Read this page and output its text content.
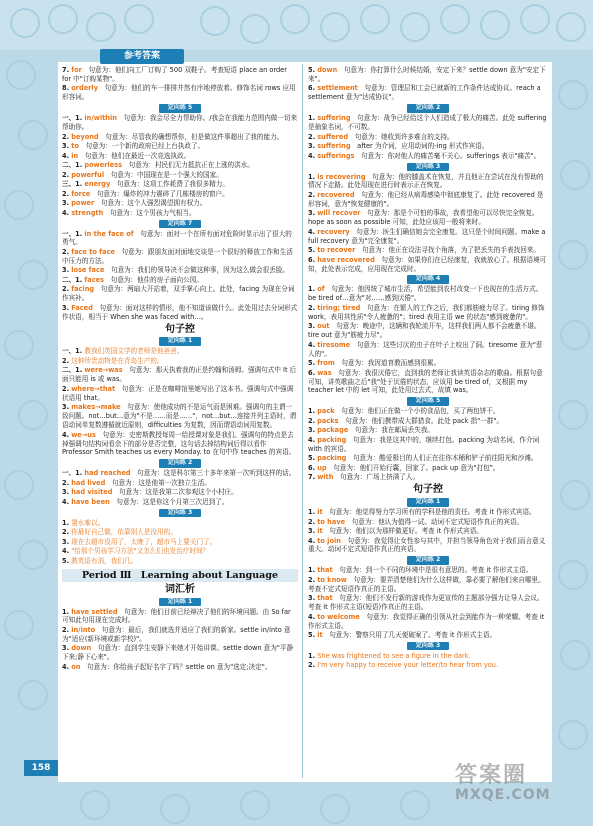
参考答案
7. for　 句意为：他们向工厂订购了 500 双鞋子。考查短语 place an order for 中"订购某物"。
8. orderly　 句意为：他们的车一排排井然有序地停放着。修饰名词 rows 应用形容词。
定向练 5
一、1. in/within　 句意为：我会尽全力帮助你。/我会在我能力范围内做一切来帮助你。
2. beyond　 句意为：尽管我的确想帮你，但是做这件事超出了我的能力。
3. to　 句意为：一个新的政府已经上台执政了。
4. in　 句意为：他们在最近一次竞选执政。
二、1. powerless　 句意为：村民们无力抵抗正在上涨的洪水。
2. powerful　 句意为：中国现在是一个强大的国家。
三、1. energy　 句意为：这项工作耗费了我很多精力。
2. force　 句意为：爆炸的冲力震碎了几栋楼房的窗户。
3. power　 句意为：这个人强烈渴望拥有权力。
4. strength　 句意为：这个男孩力气相当。
定向练 7
一、1. in the face of　 句意为：面对一个在所有面对危险时显示出了很大的勇气。
2. face to face　 句意为：跟朋友面对面地交谈是一个很好的释放工作和生活中压力的方法。
3. lose face　 句意为：我们的领导决不会做这种事，因为这么做会很丢脸。
二、1. faces　 句意为：他住的房子面向公园。
2. facing　 句意为：两扇大开站着，双手掌心向上。此处，facing 为现在分词作宾补。
3. Faced　 句意为：面对这样的情形，他不知道该做什么。此处用过去分词形式作状语，相当于 When she was faced with…。
句子控
定向练 1
一、1. 教我们英国文学的老师是他爸爸。
2. 这种珍贵动物是在青岛生产的。
二、1. were→was　 句意为：那天执着我的正是约翰和汤姆。强调句式中 It 后面只能用 is 或 was。
2. where→that　 句意为：正是在咖啡馆里她写出了这本书。强调句式中强调状语用 that。
3. makes→make　 句意为：使他成功的不是运气而是困难。强调句的主谓一致问题。not…but…意为"不是……而是……"，not…but…连接并列主语时，谓语动词单复数遵循就近原则，difficulties 为复数，因而谓语动词用复数。
4. we→us　 句意为：史密斯教授每周一给授课对象是我们。强调句的特点是去掉强调句结构词看余下的部分是否完整，这句话去掉结构词后得以看作 Professor Smith teaches us every Monday. to 在句中作 teaches 的宾语。
定向练 2
一、1. had reached　 句意为：这是科尔第三十多年来第一次听到这样的话。
2. had lived　 句意为：这是他第一次独立生活。
3. had visited　 句意为：这是我第二次参观这个小村庄。
4. have been　 句意为：这是你这个月第三次迟到了。
定向练 3
1. 置水难以。
2. 你最好自己做，依靠别人是没用的。
3. 现在去超市没用了，太晚了，超市马上要关门了。
4. "给那个男孩学习方法"又怎么们也发治疗时间？
5. 教英语有消，我们几。
Period Ⅲ　Learning about Language
词汇析
定向练 1
1. have settled　 句意为：他们目前已经辩决了他们的环境问题。由 So far 可知此句用现在完成时。
2. in/into　 句意为：最后，我们就选并适应了我们的新家。settle in/into 意为"适应(新环境或新学校)"。
3. down　 句意为：直到学生安静下来她才开始讲课。settle down 意为"平静下来;静下心来"。
4. on　 句意为：你给孩子起好名字了吗？settle on 意为"选定;决定"。
5. down　 句意为：你打算什么时候结婚，安定下来？settle down 意为"安定下来"。
6. settlement　 句意为：管理层和工会已就新的工作条件达成协议。reach a settlement 意为"达成协议"。
定向练 2
1. suffering　 句意为：战争已经给这个人们造成了极大的痛苦。此处 suffering 是抽象名词，不可数。
2. suffered　 句意为：她收到许多难言的支持。
3. suffering　 after 为介词，应用动词的-ing 形式作宾语。
4. sufferings　 句意为：你对他人的痛苦毫不关心。sufferings 表示"痛苦"。
定向练 3
1. is recovering　 句意为：他的膝盖术在恢复，并且他正在尝试在没有帮助的情况下走路。此处用现在进行时表示正在恢复。
2. recovered　 句意为：他已经从病毒感染中彻底康复了。此处 recovered 是形容词，意为"恢复健康的"。
3. will recover　 句意为：那是个可怕的事故，我希望他可以尽快完全恢复。hope as soon as possible 可知，此处应该用一般将来时。
4. recovery　 句意为：医生们确信她会完全康复。这只是个时间问题。make a full recovery 意为"完全康复"。
5. to recover　 句意为：他正在设法寻找个角落，为了把丢失的手表找回来。
6. have recovered　 句意为：如果你们在已经康复，我就放心了。根据语境可知，此处表示完成，应用现在完成时。
定向练 4
1. of　 句意为：他因统了城市生活，希望能到农村改变一下也现在的生活方式。be tired of…意为"对……感到厌倦"。
2. tiring; tired　 句意为：在繁人的工作之后，我们都筋疲力尽了。tiring 修饰 work，表用其性质"令人疲惫的"；tired 表用主语 we 的状态"感到疲惫的"。
3. out　 句意为：晚途中，这辆和我轮流开车，这样我们两人都不会疲惫不堪。tire out 意为"筋疲力尽"。
4. tiresome　 句意为：这些讨厌的虫子在叶子上咬出了洞。tiresome 意为"惹人的"。
5. from　 句意为：我因道育教而感到很累。
6. was　 句意为：我很厌倦它，直到我的老师让我读英语杂志的歌曲。根据句意可知，讲英歌曲之后"我"处于厌倦的状态，应该用 be tired of，又根据 my teacher let 中的 let 可知，此处用过去式，故填 was。
定向练 5
1. pack　 句意为：他们正在做一个小的食品包，买了两包饼干。
2. packs　 句意为：他们携带成大群猎食。此处 pack 指"一群"。
3. package　 句意为：我在邮局丢失我。
4. packing　 句意为：我是这其中的，继续打包。packing 为动名词，作介词 with 的宾语。
5. packing　 句意为：酷爱极目的人们正在往你木桶和铲子前往阳光和沙滩。
6. up　 句意为：他们开始行囊，回家了。pack up 意为"打包"。
7. with　 句意为：广场上挤满了人。
句子控
定向练 1
1. it　 句意为：他觉得努力学习所有的学科是他的责任。考查 it 作形式宾语。
2. to have　 句意为：他认为值得一试。动词不定式短语作真正的宾语。
3. it　 句意为：他们以为那样做更好。考查 it 作形式宾语。
4. to join　 句意为：我觉得让女性参与其中，并担当领导角色对于我们而言意义重大。动词不定式短语作真正的宾语。
定向练 2
1. that　 句意为：到一个不同的环境中是很有意思的。考查 it 作形式主语。
2. to know　 句意为：要弄清楚他们为什么这样做，靠必要了解他们来自哪里。考查不定式短语作真正的主语。
3. that　 句意为：他们不发行新的游戏作为更宣传的主题部分强力让导人会议。考查 it 作形式主语(短语)作真正的主语。
4. to welcome　 句意为：我觉得正确的引领从社会到能作为一种荣耀。考查 it 作形式主语。
5. it　 句意为：警察只用了几天便破案了。考查 it 作形式主语。
定向练 3
1. She was frightened to see a figure in the dark.
2. I'm very happy to receive your letter/to hear from you.
158	答案圈
MXQE.COM
